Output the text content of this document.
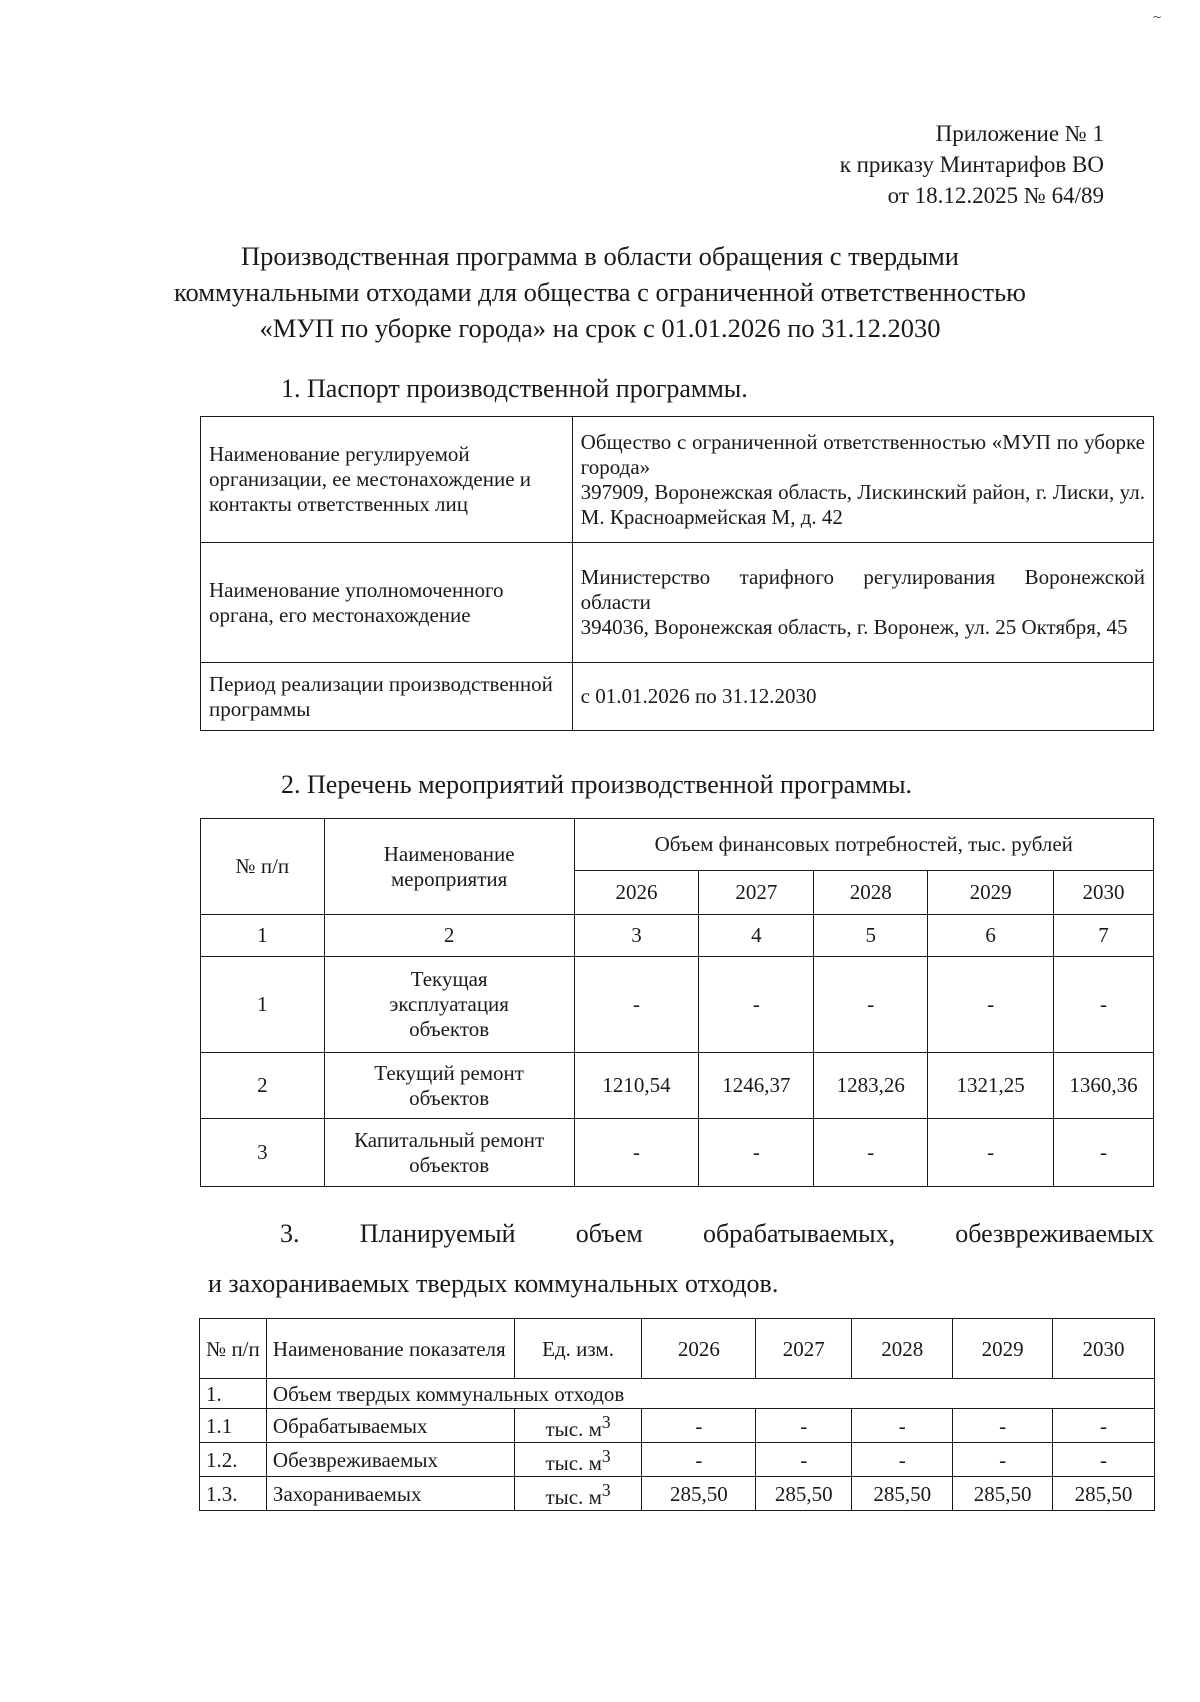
~
Приложение № 1
к приказу Минтарифов ВО
от 18.12.2025 № 64/89
Производственная программа в области обращения с твердыми
коммунальными отходами для общества с ограниченной ответственностью
«МУП по уборке города» на срок с 01.01.2026 по 31.12.2030
1. Паспорт производственной программы.
Наименование регулируемой организации, ее местонахождение и контакты ответственных лиц	Общество с ограниченной ответственностью «МУП по уборке города»
397909, Воронежская область, Лискинский район, г. Лиски, ул. М. Красноармейская М, д. 42

Наименование уполномоченного органа, его местонахождение	Министерство тарифного регулирования Воронежской области
394036, Воронежская область, г. Воронеж, ул. 25 Октября, 45

Период реализации производственной программы	с 01.01.2026 по 31.12.2030
2. Перечень мероприятий производственной программы.
№ п/п	Наименование мероприятия	Объем финансовых потребностей, тыс. рублей				
		2026	2027	2028	2029	2030
1	2	3	4	5	6	7
1	Текущая эксплуатация объектов	-	-	-	-	-
2	Текущий ремонт объектов	1210,54	1246,37	1283,26	1321,25	1360,36
3	Капитальный ремонт объектов	-	-	-	-	-
3. Планируемый объем обрабатываемых, обезвреживаемых
и захораниваемых твердых коммунальных отходов.
№ п/п	Наименование показателя	Ед. изм.	2026	2027	2028	2029	2030
1.	Объем твердых коммунальных отходов						
1.1	Обрабатываемых	тыс. $м^3$	-	-	-	-	-
1.2.	Обезвреживаемых	тыс. $м^3$	-	-	-	-	-
1.3.	Захораниваемых	тыс. $м^3$	285,50	285,50	285,50	285,50	285,50
